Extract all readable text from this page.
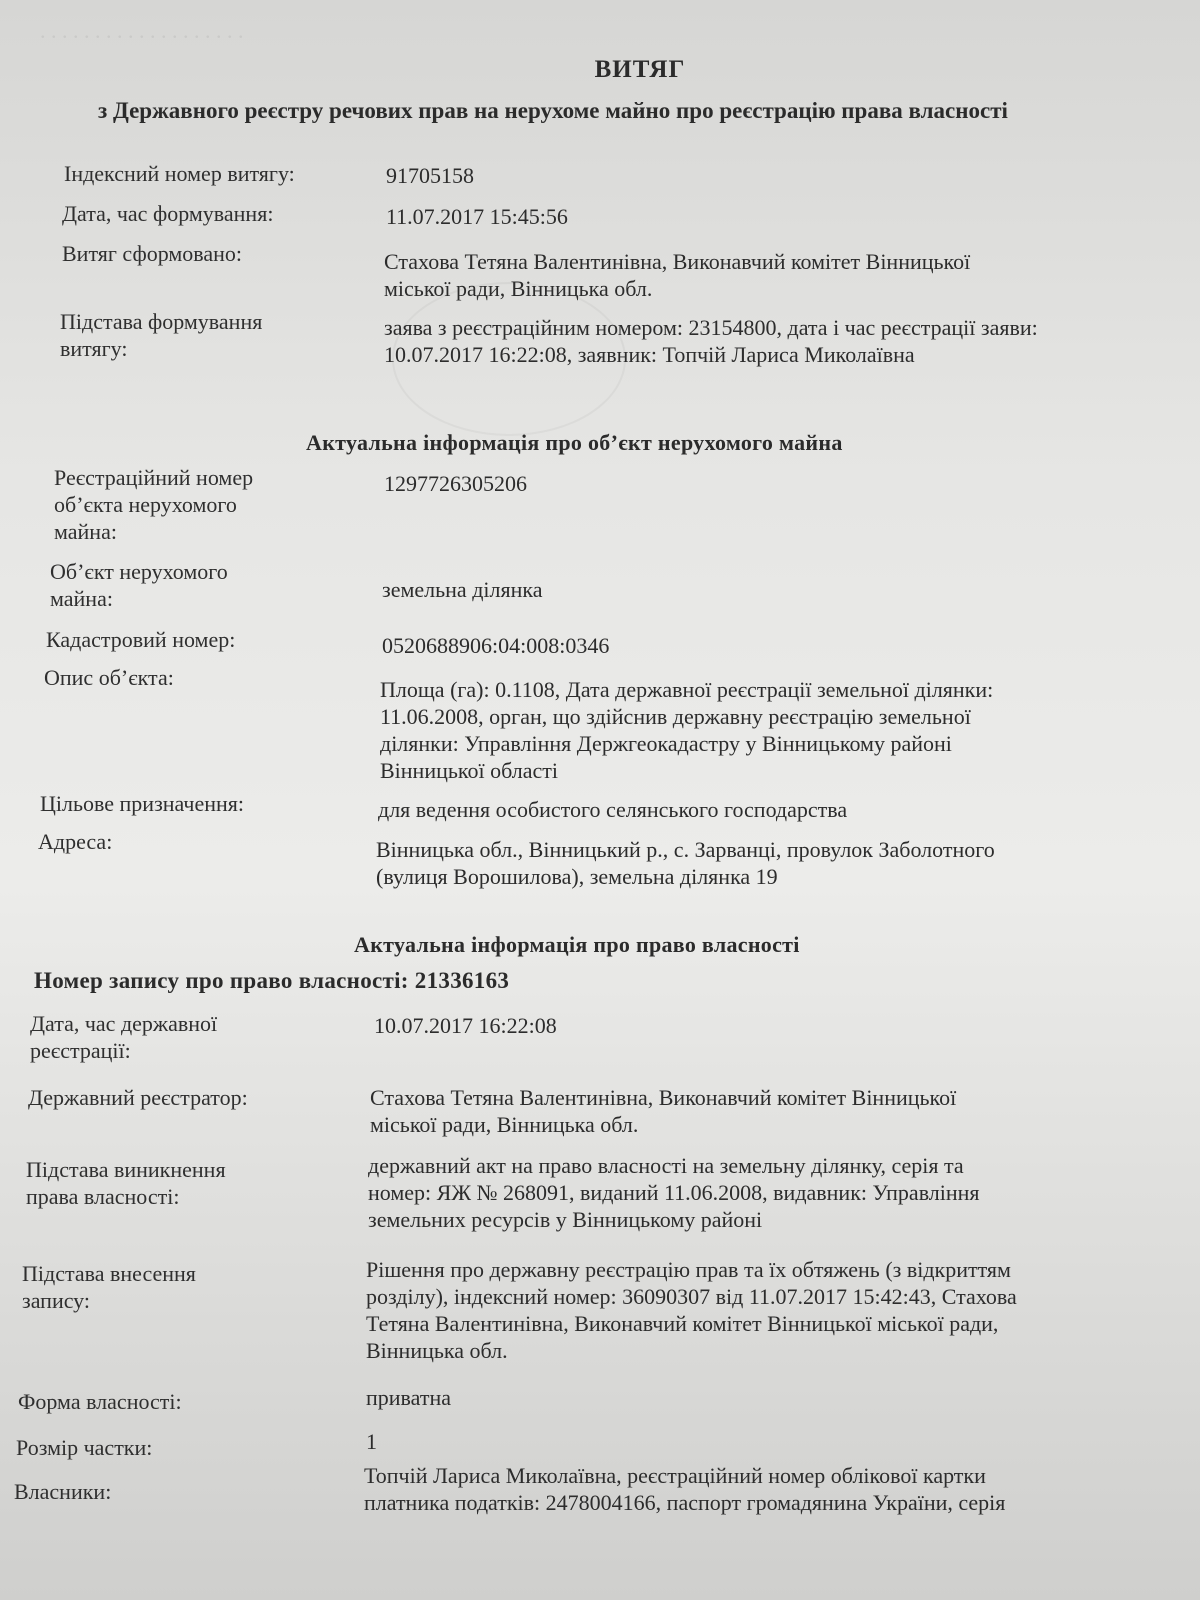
. . . . . . . . . . . . . . . . . . .
ВИТЯГ
з Державного реєстру речових прав на нерухоме майно про реєстрацію права власності
Індексний номер витягу:	91705158
Дата, час формування:	11.07.2017 15:45:56
Витяг сформовано:	Стахова Тетяна Валентинівна, Виконавчий комітет Вінницької
міської ради, Вінницька обл.
Підстава формування
витягу:
заява з реєстраційним номером: 23154800, дата і час реєстрації заяви:
10.07.2017 16:22:08, заявник: Топчій Лариса Миколаївна
Актуальна інформація про об’єкт нерухомого майна
Реєстраційний номер
об’єкта нерухомого
майна:
1297726305206
Об’єкт нерухомого
майна:	земельна ділянка
Кадастровий номер:	0520688906:04:008:0346
Опис об’єкта:	Площа (га): 0.1108, Дата державної реєстрації земельної ділянки:
11.06.2008, орган, що здійснив державну реєстрацію земельної
ділянки: Управління Держгеокадастру у Вінницькому районі
Вінницької області
Цільове призначення:	для ведення особистого селянського господарства
Адреса:	Вінницька обл., Вінницький р., с. Зарванці, провулок Заболотного
(вулиця Ворошилова), земельна ділянка 19
Актуальна інформація про право власності
Номер запису про право власності: 21336163
Дата, час державної
реєстрації:
10.07.2017 16:22:08
Державний реєстратор:	Стахова Тетяна Валентинівна, Виконавчий комітет Вінницької
міської ради, Вінницька обл.
Підстава виникнення
права власності:
державний акт на право власності на земельну ділянку, серія та
номер: ЯЖ № 268091, виданий 11.06.2008, видавник: Управління
земельних ресурсів у Вінницькому районі
Підстава внесення
запису:
Рішення про державну реєстрацію прав та їх обтяжень (з відкриттям
розділу), індексний номер: 36090307 від 11.07.2017 15:42:43, Стахова
Тетяна Валентинівна, Виконавчий комітет Вінницької міської ради,
Вінницька обл.
Форма власності:	приватна
Розмір частки:	1
Власники:
Топчій Лариса Миколаївна, реєстраційний номер облікової картки
платника податків: 2478004166, паспорт громадянина України, серія
